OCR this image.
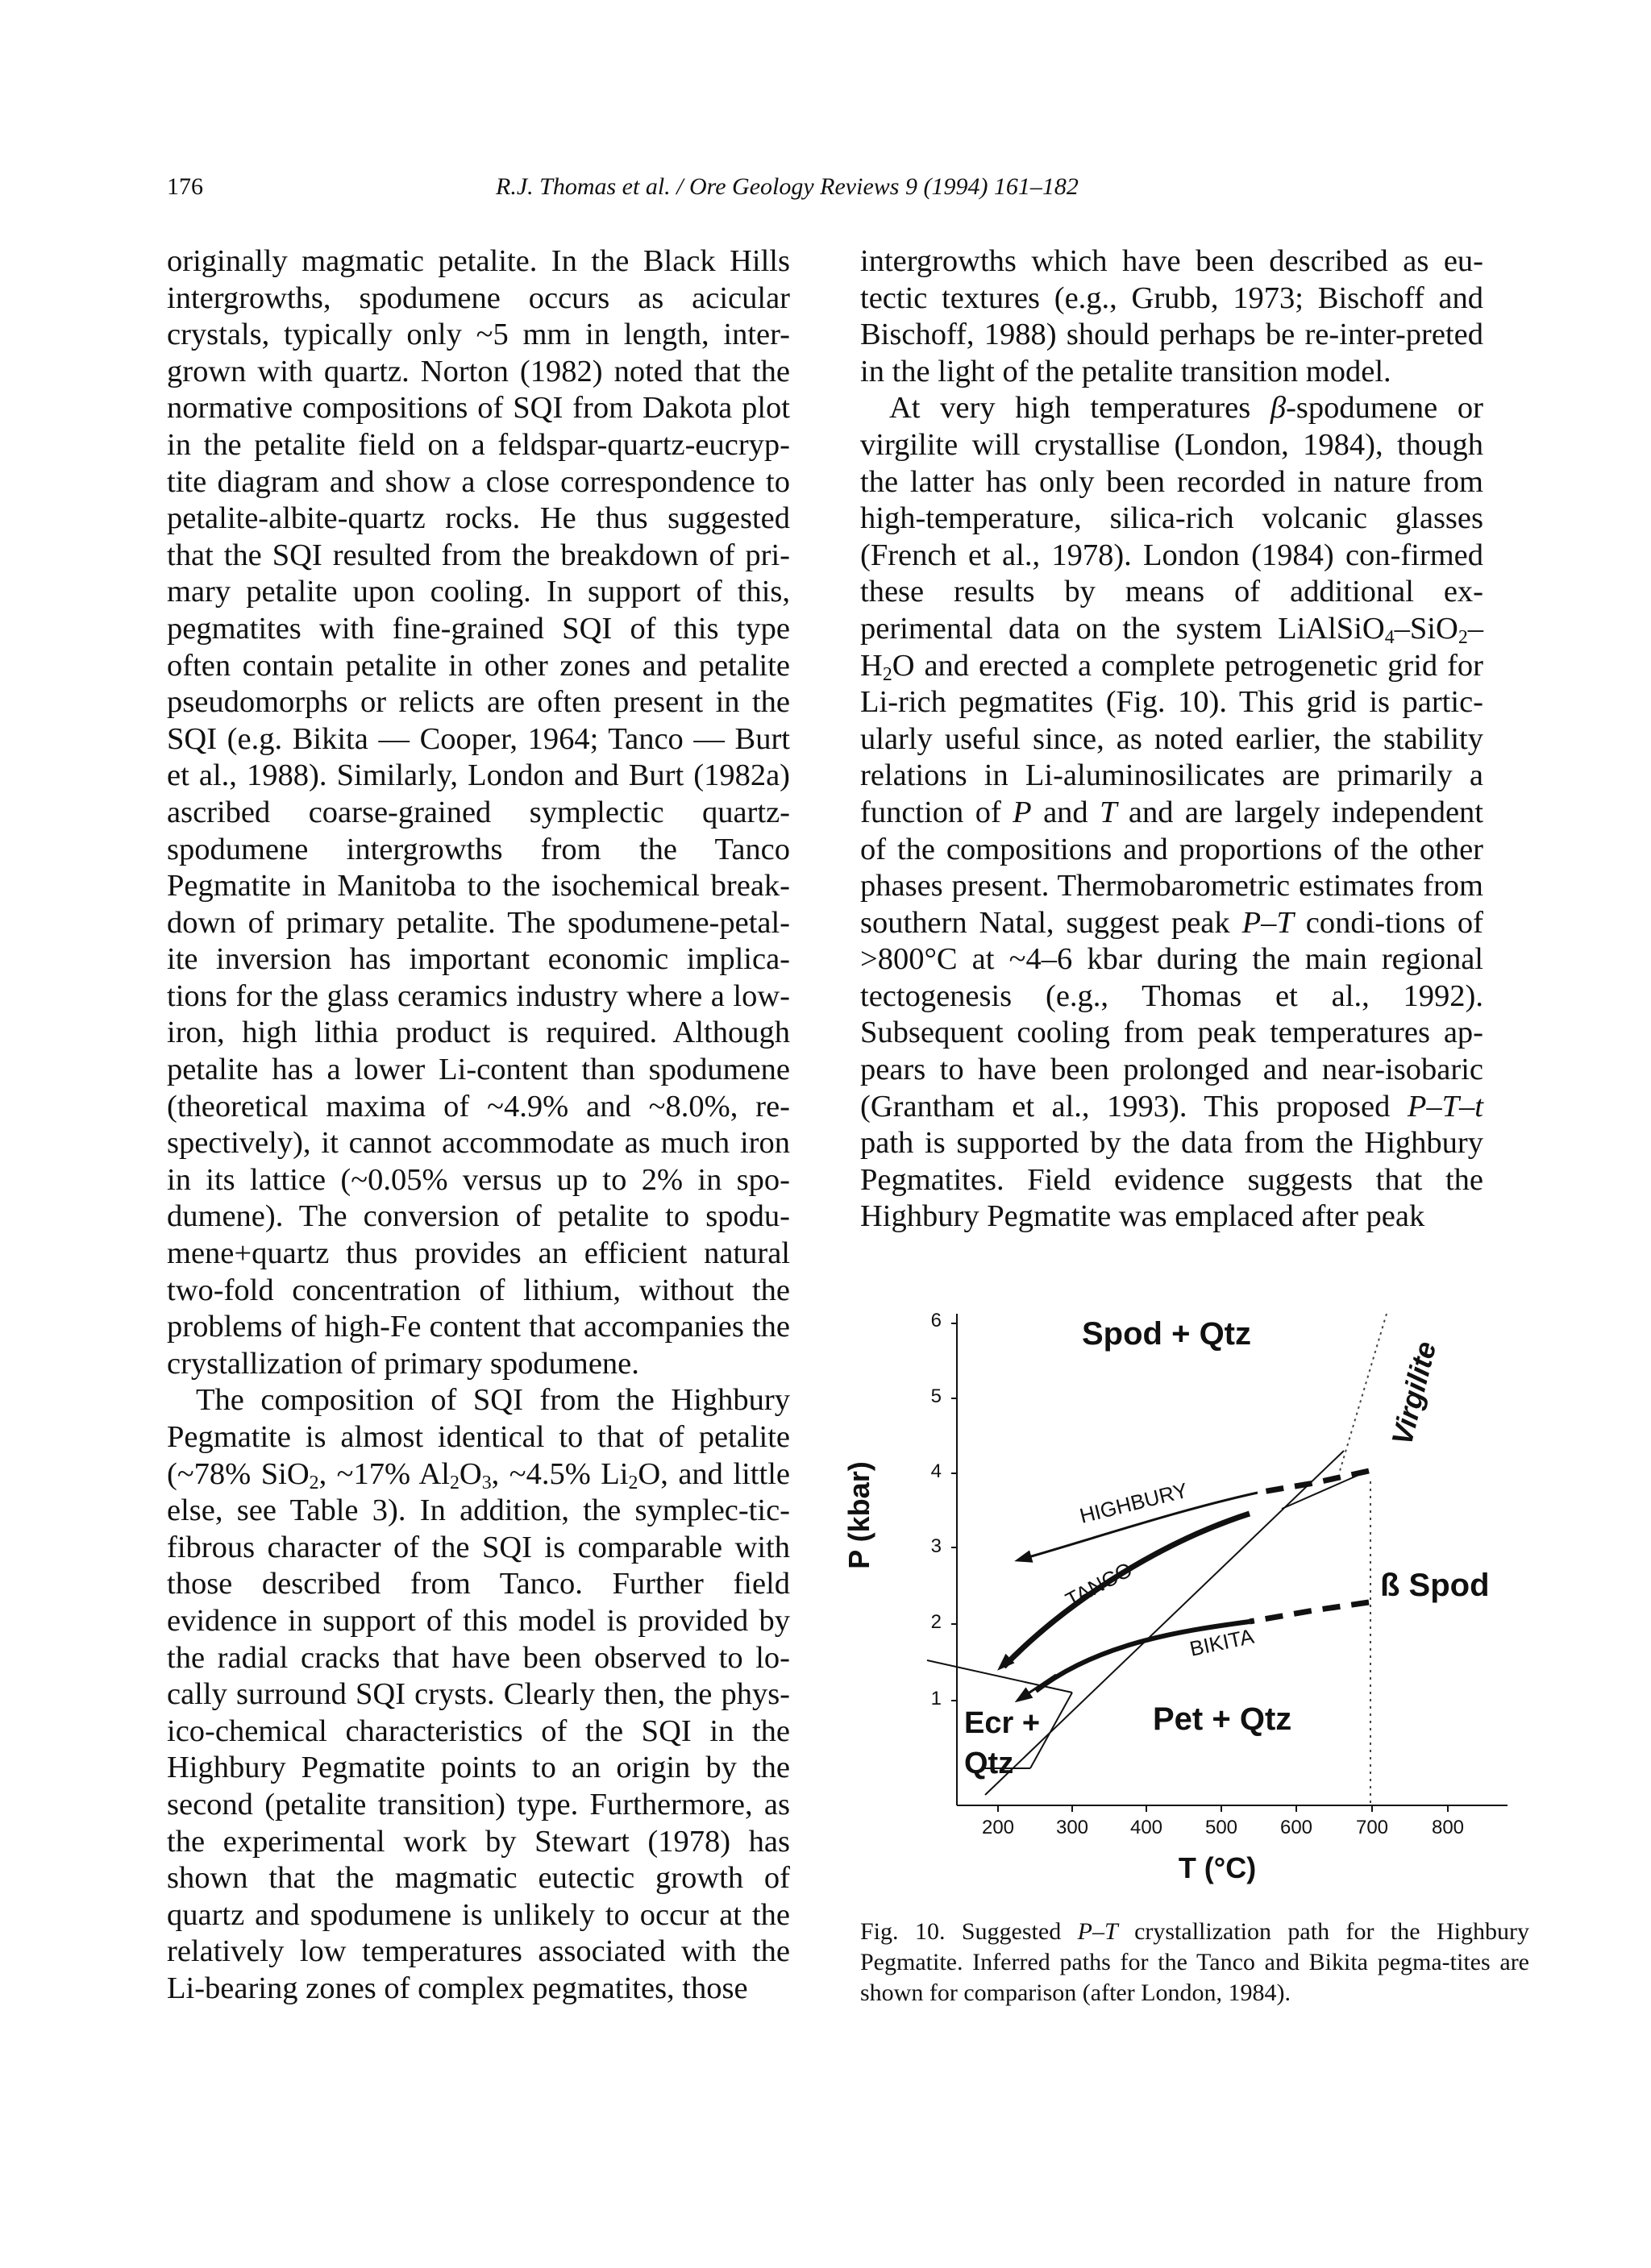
176	R.J. Thomas et al. / Ore Geology Reviews 9 (1994) 161–182

originally magmatic petalite. In the Black Hills intergrowths, spodumene occurs as acicular crystals, typically only ~5 mm in length, inter-grown with quartz. Norton (1982) noted that the normative compositions of SQI from Dakota plot in the petalite field on a feldspar-quartz-eucryp-tite diagram and show a close correspondence to petalite-albite-quartz rocks. He thus suggested that the SQI resulted from the breakdown of pri-mary petalite upon cooling. In support of this, pegmatites with fine-grained SQI of this type often contain petalite in other zones and petalite pseudomorphs or relicts are often present in the SQI (e.g. Bikita — Cooper, 1964; Tanco — Burt et al., 1988). Similarly, London and Burt (1982a) ascribed coarse-grained symplectic quartz-spodumene intergrowths from the Tanco Pegmatite in Manitoba to the isochemical break-down of primary petalite. The spodumene-petal-ite inversion has important economic implica-tions for the glass ceramics industry where a low-iron, high lithia product is required. Although petalite has a lower Li-content than spodumene (theoretical maxima of ~4.9% and ~8.0%, re-spectively), it cannot accommodate as much iron in its lattice (~0.05% versus up to 2% in spo-dumene). The conversion of petalite to spodu-mene+quartz thus provides an efficient natural two-fold concentration of lithium, without the problems of high-Fe content that accompanies the crystallization of primary spodumene.

The composition of SQI from the Highbury Pegmatite is almost identical to that of petalite (~78% SiO$_2$, ~17% $Al_2O_3$, ~4.5% $Li_2O$, and little else, see Table 3). In addition, the symplec-tic-fibrous character of the SQI is comparable with those described from Tanco. Further field evidence in support of this model is provided by the radial cracks that have been observed to lo-cally surround SQI crysts. Clearly then, the phys-ico-chemical characteristics of the SQI in the Highbury Pegmatite points to an origin by the second (petalite transition) type. Furthermore, as the experimental work by Stewart (1978) has shown that the magmatic eutectic growth of quartz and spodumene is unlikely to occur at the relatively low temperatures associated with the Li-bearing zones of complex pegmatites, those

intergrowths which have been described as eu-tectic textures (e.g., Grubb, 1973; Bischoff and Bischoff, 1988) should perhaps be re-inter-preted in the light of the petalite transition model.

At very high temperatures β-spodumene or virgilite will crystallise (London, 1984), though the latter has only been recorded in nature from high-temperature, silica-rich volcanic glasses (French et al., 1978). London (1984) con-firmed these results by means of additional ex-perimental data on the system $LiAlSiO_4-SiO_2-H_2O$ and erected a complete petrogenetic grid for Li-rich pegmatites (Fig. 10). This grid is partic-ularly useful since, as noted earlier, the stability relations in Li-aluminosilicates are primarily a function of P and T and are largely independent of the compositions and proportions of the other phases present. Thermobarometric estimates from southern Natal, suggest peak P–T condi-tions of >800°C at ~4–6 kbar during the main regional tectogenesis (e.g., Thomas et al., 1992). Subsequent cooling from peak temperatures ap-pears to have been prolonged and near-isobaric (Grantham et al., 1993). This proposed P–T–t path is supported by the data from the Highbury Pegmatites. Field evidence suggests that the Highbury Pegmatite was emplaced after peak

6
5
4
3
2
1
200 300 400 500 600 700 800
T (°C)
P (kbar)
Spod + Qtz
Virgilite
ß Spod
Pet + Qtz
Ecr +
Qtz
HIGHBURY
TANCO
BIKITA
Fig. 10. Suggested P–T crystallization path for the Highbury Pegmatite. Inferred paths for the Tanco and Bikita pegma-tites are shown for comparison (after London, 1984).
